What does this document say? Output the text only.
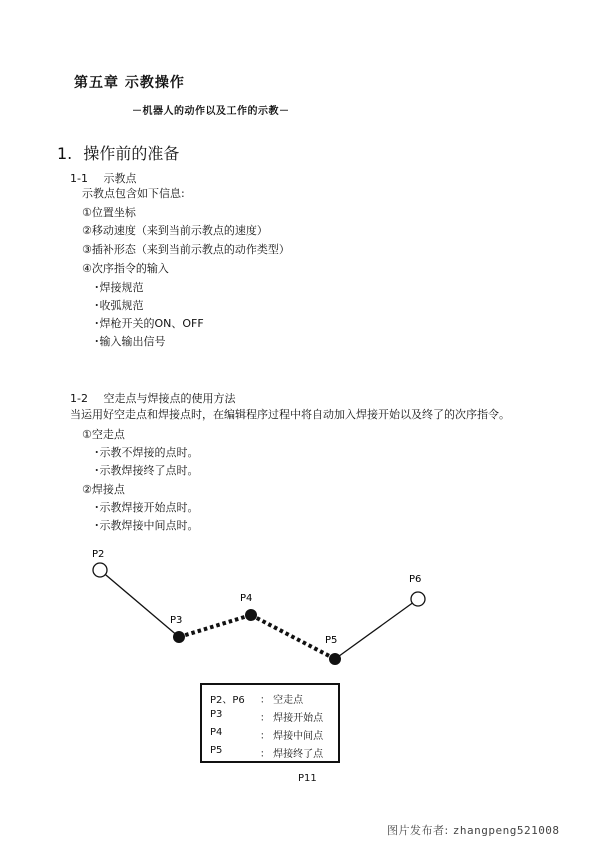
第五章 示教操作
－机器人的动作以及工作的示教－
1. 操作前的准备
1-1 示教点
示教点包含如下信息:
①位置坐标
②移动速度（来到当前示教点的速度）
③插补形态（来到当前示教点的动作类型）
④次序指令的输入
･焊接规范
･收弧规范
･焊枪开关的ON、OFF
･输入输出信号
1-2 空走点与焊接点的使用方法
当运用好空走点和焊接点时，在编辑程序过程中将自动加入焊接开始以及终了的次序指令。
①空走点
･示教不焊接的点时。
･示教焊接终了点时。
②焊接点
･示教焊接开始点时。
･示教焊接中间点时。
P2
P3
P4
P5
P6
P2、P6 ： 空走点
P3	： 焊接开始点
P4	： 焊接中间点
P5	： 焊接终了点
P11
图片发布者: zhangpeng521008
